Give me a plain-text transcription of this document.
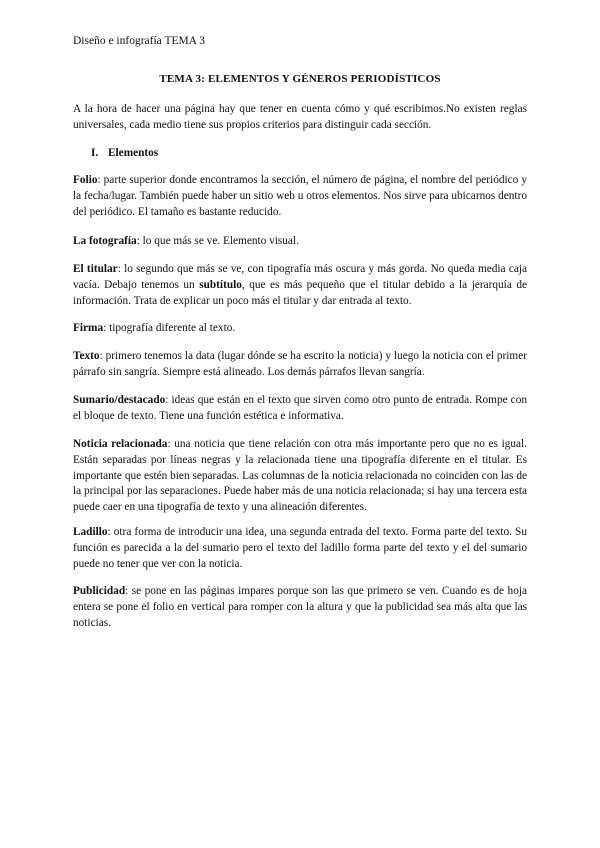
Diseño e infografía TEMA 3
TEMA 3: ELEMENTOS Y GÉNEROS PERIODÍSTICOS
A la hora de hacer una página hay que tener en cuenta cómo y qué escribimos.No existen reglas universales, cada medio tiene sus propios criterios para distinguir cada sección.
I. Elementos

Folio: parte superior donde encontramos la sección, el número de página, el nombre del periódico y la fecha/lugar. También puede haber un sitio web u otros elementos. Nos sirve para ubicarnos dentro del periódico. El tamaño es bastante reducido.

La fotografía: lo que más se ve. Elemento visual.

El titular: lo segundo que más se ve, con tipografía más oscura y más gorda. No queda media caja vacía. Debajo tenemos un subtítulo, que es más pequeño que el titular debido a la jerarquía de información. Trata de explicar un poco más el titular y dar entrada al texto.

Firma: tipografía diferente al texto.

Texto: primero tenemos la data (lugar dónde se ha escrito la noticia) y luego la noticia con el primer párrafo sin sangría. Siempre está alineado. Los demás párrafos llevan sangría.

Sumario/destacado: ideas que están en el texto que sirven como otro punto de entrada. Rompe con el bloque de texto. Tiene una función estética e informativa.

Noticia relacionada: una noticia que tiene relación con otra más importante pero que no es igual. Están separadas por líneas negras y la relacionada tiene una tipografía diferente en el titular. Es importante que estén bien separadas. Las columnas de la noticia relacionada no coinciden con las de la principal por las separaciones. Puede haber más de una noticia relacionada; si hay una tercera esta puede caer en una tipografía de texto y una alineación diferentes.

Ladillo: otra forma de introducir una idea, una segunda entrada del texto. Forma parte del texto. Su función es parecida a la del sumario pero el texto del ladillo forma parte del texto y el del sumario puede no tener que ver con la noticia.

Publicidad: se pone en las páginas impares porque son las que primero se ven. Cuando es de hoja entera se pone el folio en vertical para romper con la altura y que la publicidad sea más alta que las noticias.
